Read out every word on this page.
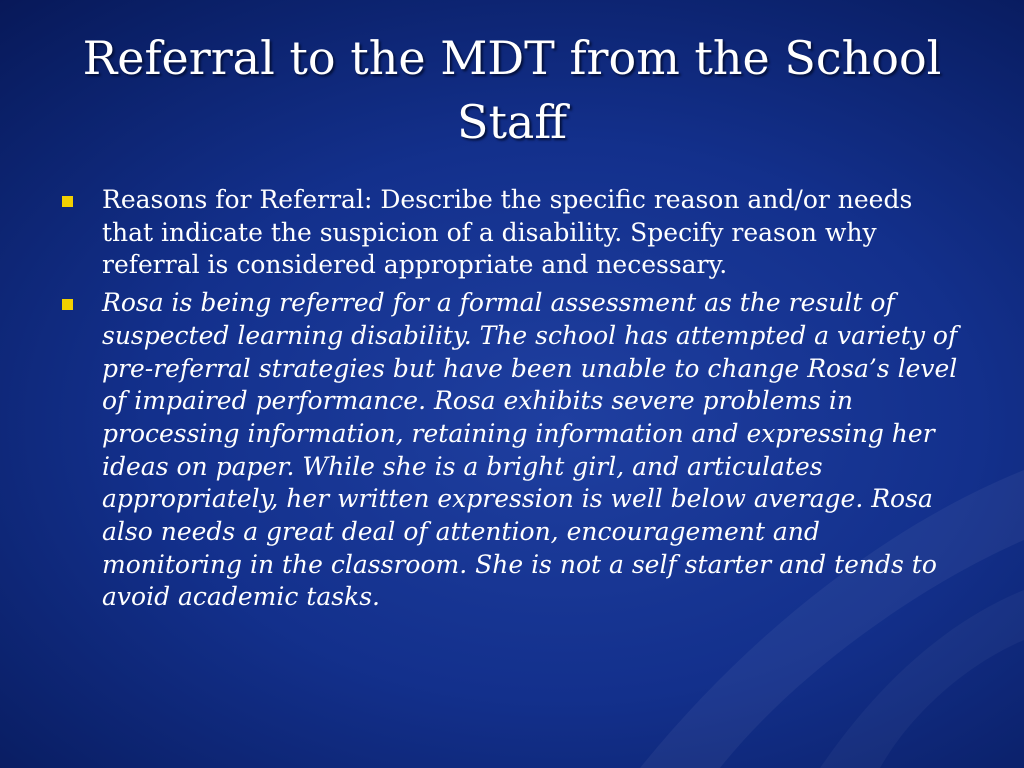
Referral to the MDT from the School Staff
Reasons for Referral: Describe the specific reason and/or needs that indicate the suspicion of a disability. Specify reason why referral is considered appropriate and necessary.
Rosa is being referred for a formal assessment as the result of suspected learning disability. The school has attempted a variety of pre-referral strategies but have been unable to change Rosa’s level of impaired performance. Rosa exhibits severe problems in processing information, retaining information and expressing her ideas on paper. While she is a bright girl, and articulates appropriately, her written expression is well below average. Rosa also needs a great deal of attention, encouragement and monitoring in the classroom. She is not a self starter and tends to avoid academic tasks.
